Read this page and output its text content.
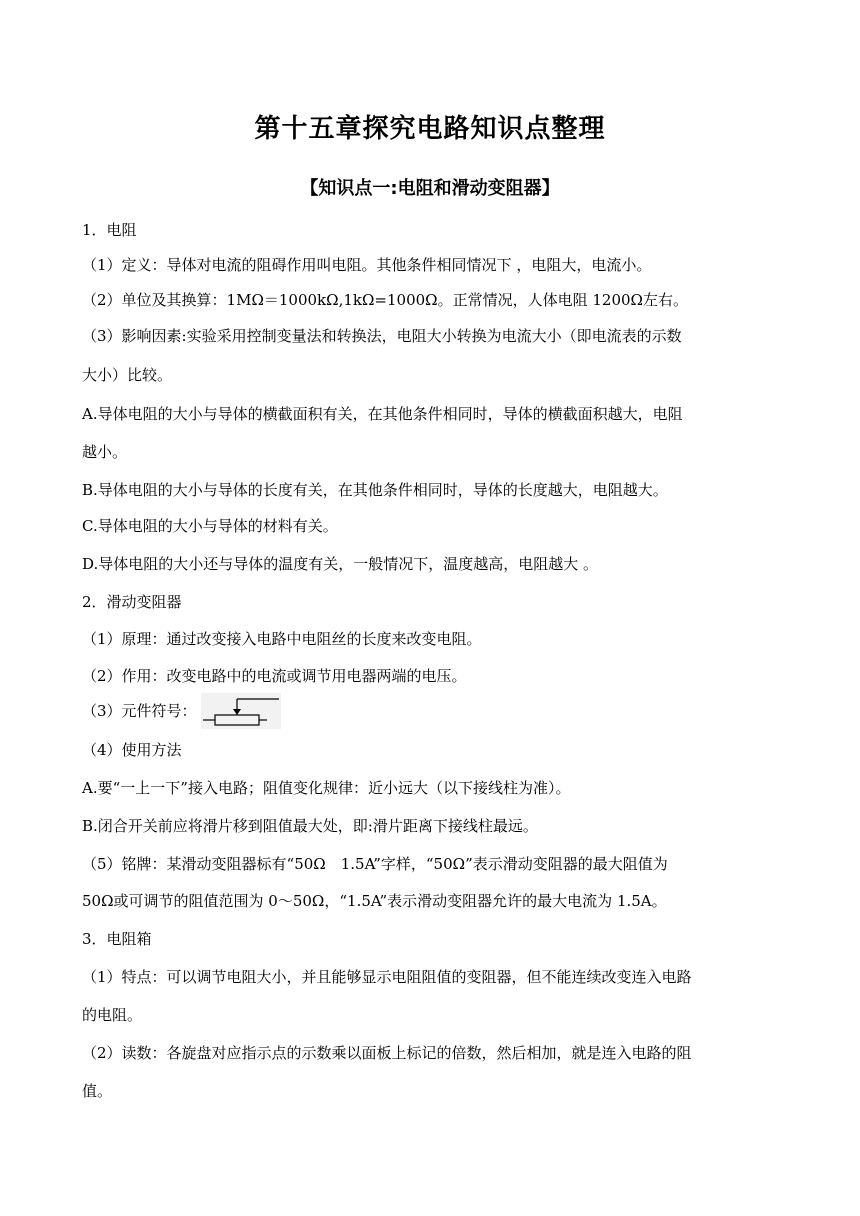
第十五章探究电路知识点整理
【知识点一:电阻和滑动变阻器】
1．电阻
（1）定义：导体对电流的阻碍作用叫电阻。其他条件相同情况下 ，电阻大，电流小。
（2）单位及其换算：1MΩ＝1000kΩ,1kΩ=1000Ω。正常情况，人体电阻 1200Ω左右。
（3）影响因素:实验采用控制变量法和转换法，电阻大小转换为电流大小（即电流表的示数
大小）比较。
A.导体电阻的大小与导体的横截面积有关，在其他条件相同时，导体的横截面积越大，电阻
越小。
B.导体电阻的大小与导体的长度有关，在其他条件相同时，导体的长度越大，电阻越大。
C.导体电阻的大小与导体的材料有关。
D.导体电阻的大小还与导体的温度有关，一般情况下，温度越高，电阻越大 。
2．滑动变阻器
（1）原理：通过改变接入电路中电阻丝的长度来改变电阻。
（2）作用：改变电路中的电流或调节用电器两端的电压。
（3）元件符号：
（4）使用方法
A.要“一上一下”接入电路；阻值变化规律：近小远大（以下接线柱为准）。
B.闭合开关前应将滑片移到阻值最大处，即:滑片距离下接线柱最远。
（5）铭牌：某滑动变阻器标有“50Ω　1.5A”字样，“50Ω”表示滑动变阻器的最大阻值为
50Ω或可调节的阻值范围为 0～50Ω，“1.5A”表示滑动变阻器允许的最大电流为 1.5A。
3．电阻箱
（1）特点：可以调节电阻大小，并且能够显示电阻阻值的变阻器，但不能连续改变连入电路
的电阻。
（2）读数：各旋盘对应指示点的示数乘以面板上标记的倍数，然后相加，就是连入电路的阻
值。
